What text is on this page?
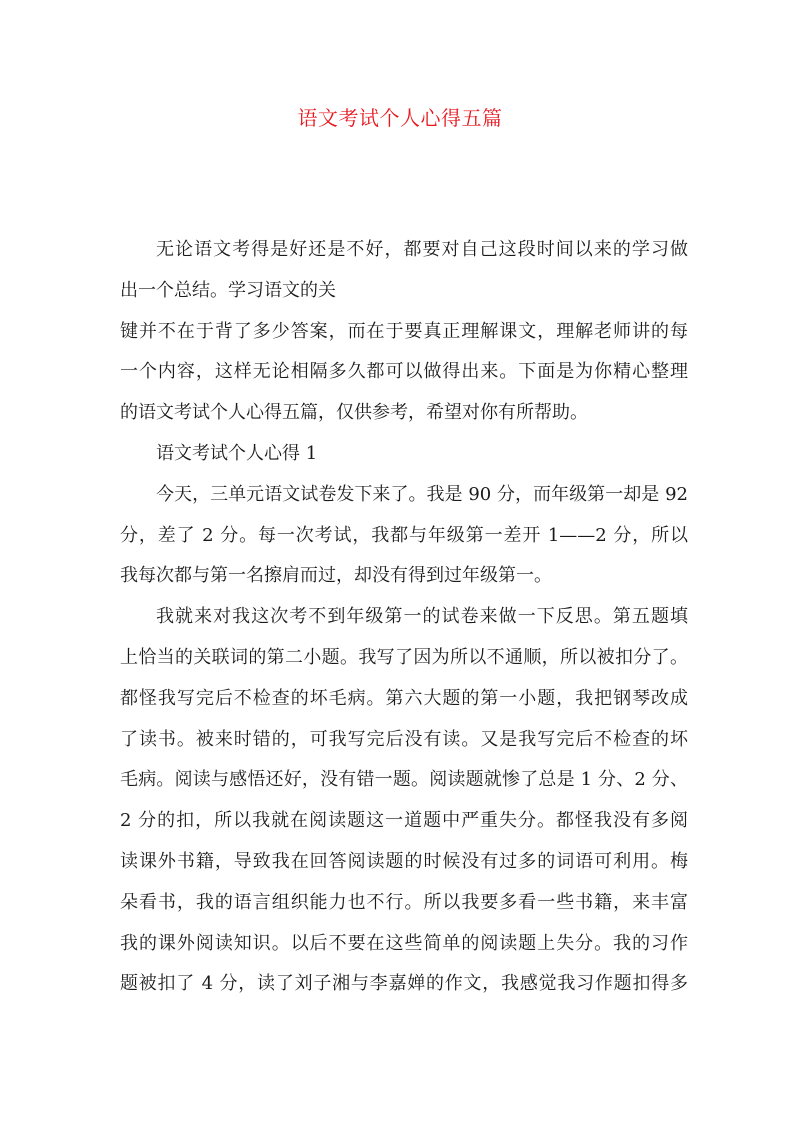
语文考试个人心得五篇
无论语文考得是好还是不好，都要对自己这段时间以来的学习做
出一个总结。学习语文的关
键并不在于背了多少答案，而在于要真正理解课文，理解老师讲的每
一个内容，这样无论相隔多久都可以做得出来。下面是为你精心整理
的语文考试个人心得五篇，仅供参考，希望对你有所帮助。
语文考试个人心得 1
今天，三单元语文试卷发下来了。我是 90 分，而年级第一却是 92
分，差了 2 分。每一次考试，我都与年级第一差开 1——2 分，所以
我每次都与第一名擦肩而过，却没有得到过年级第一。
我就来对我这次考不到年级第一的试卷来做一下反思。第五题填
上恰当的关联词的第二小题。我写了因为所以不通顺，所以被扣分了。
都怪我写完后不检查的坏毛病。第六大题的第一小题，我把钢琴改成
了读书。被来时错的，可我写完后没有读。又是我写完后不检查的坏
毛病。阅读与感悟还好，没有错一题。阅读题就惨了总是 1 分、2 分、
2 分的扣，所以我就在阅读题这一道题中严重失分。都怪我没有多阅
读课外书籍，导致我在回答阅读题的时候没有过多的词语可利用。梅
朵看书，我的语言组织能力也不行。所以我要多看一些书籍，来丰富
我的课外阅读知识。以后不要在这些简单的阅读题上失分。我的习作
题被扣了 4 分，读了刘子湘与李嘉婵的作文，我感觉我习作题扣得多
